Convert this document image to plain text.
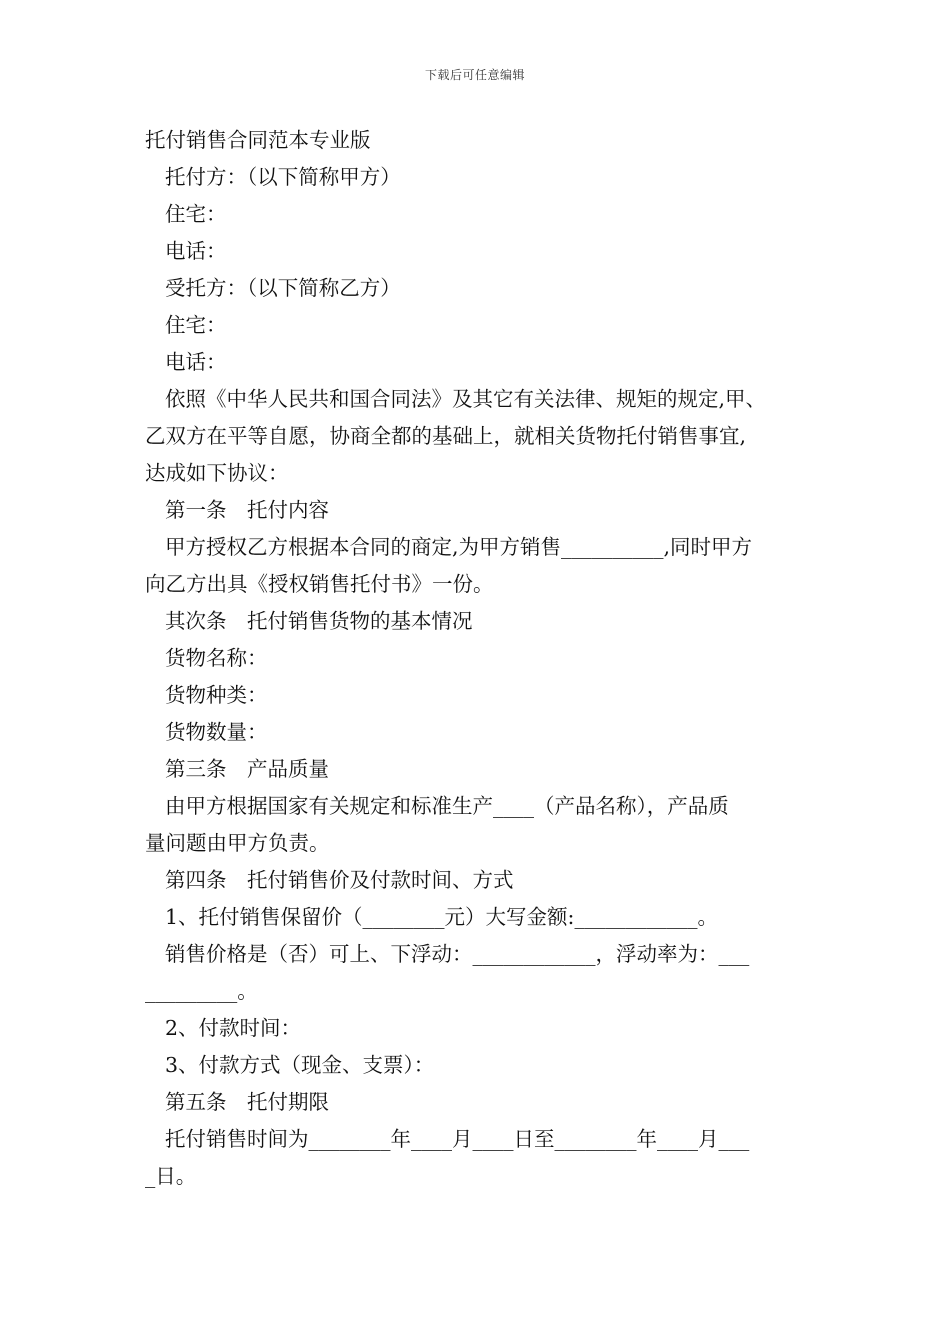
下载后可任意编辑
托付销售合同范本专业版
托付方：（以下简称甲方）
住宅：
电话：
受托方：（以下简称乙方）
住宅：
电话：
依照《中华人民共和国合同法》及其它有关法律、规矩的规定,甲、
乙双方在平等自愿，协商全都的基础上，就相关货物托付销售事宜,
达成如下协议：
第一条　托付内容
甲方授权乙方根据本合同的商定,为甲方销售__________,同时甲方
向乙方出具《授权销售托付书》一份。
其次条　托付销售货物的基本情况
货物名称：
货物种类：
货物数量：
第三条　产品质量
由甲方根据国家有关规定和标准生产____（产品名称），产品质
量问题由甲方负责。
第四条　托付销售价及付款时间、方式
1、托付销售保留价（________元）大写金额:____________。
销售价格是（否）可上、下浮动：____________，浮动率为：___
_________。
2、付款时间：
3、付款方式（现金、支票）：
第五条　托付期限
托付销售时间为________年____月____日至________年____月___
_日。
